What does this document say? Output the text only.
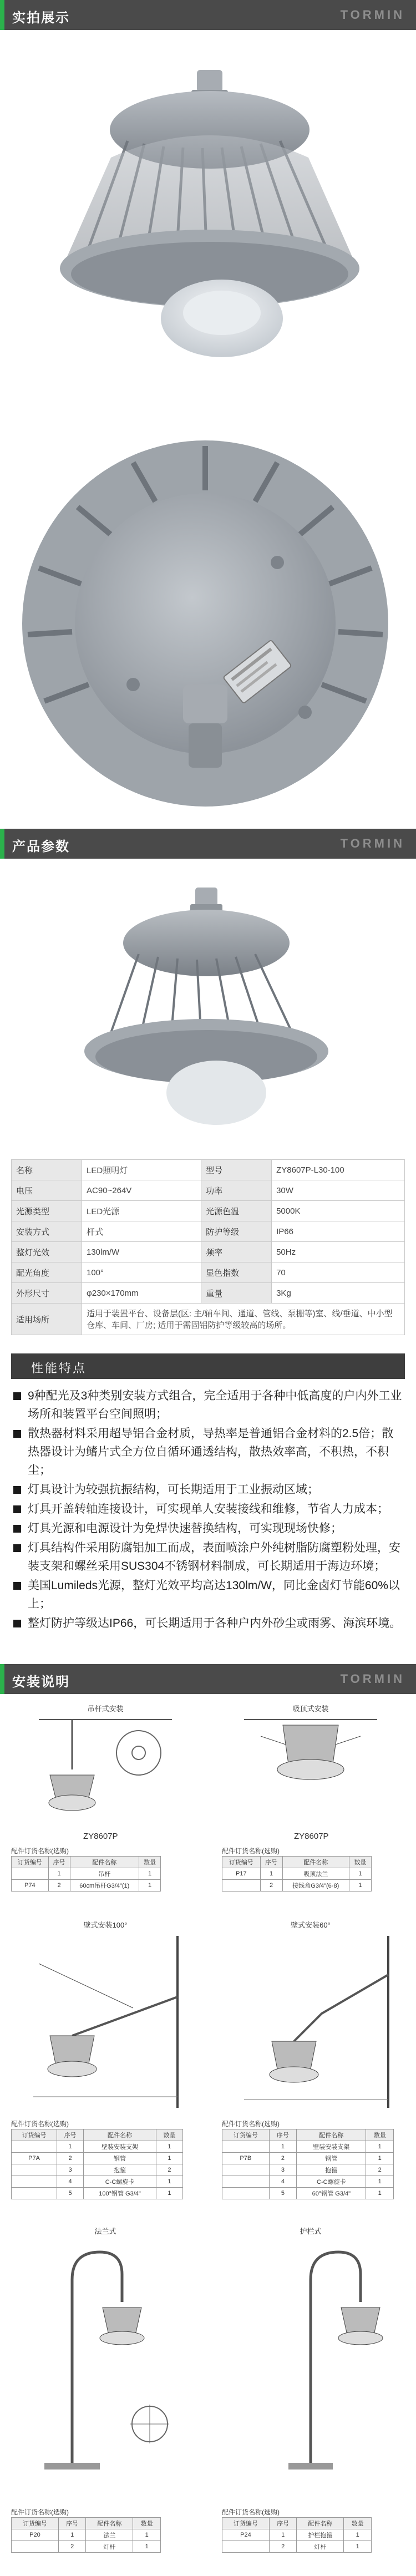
实拍展示	TORMIN
产品参数	TORMIN
名称	LED照明灯	型号	ZY8607P-L30-100
电压	AC90~264V	功率	30W
光源类型	LED光源	光源色温	5000K
安装方式	杆式	防护等级	IP66
整灯光效	130lm/W	频率	50Hz
配光角度	100°	显色指数	70
外形尺寸	φ230×170mm	重量	3Kg
适用场所	适用于装置平台、设备层(区: 主/辅车间、通道、管线、泵棚等)室、线/垂道、中小型仓库、车间、厂房; 适用于需固铝防护等级较高的场所。		
性能特点
9种配光及3种类别安装方式组合，完全适用于各种中低高度的户内外工业场所和装置平台空间照明；
散热器材料采用超导铝合金材质，导热率是普通铝合金材料的2.5倍；散热器设计为鳍片式全方位自循环通透结构，散热效率高，不积热，不积尘；
灯具设计为较强抗振结构，可长期适用于工业振动区域；
灯具开盖转轴连接设计，可实现单人安装接线和维修，节省人力成本；
灯具光源和电源设计为免焊快速替换结构，可实现现场快修；
灯具结构件采用防腐铝加工而成，表面喷涂户外纯树脂防腐塑粉处理，安装支架和螺丝采用SUS304不锈钢材料制成，可长期适用于海边环境；
美国Lumileds光源，整灯光效平均高达130lm/W，同比金卤灯节能60%以上；
整灯防护等级达IP66，可长期适用于各种户内外砂尘或雨雾、海滨环境。
安装说明	TORMIN
吊杆式安装
ZY8607P
吸顶式安装
ZY8607P
配件订货名称(选购)
订货编号	序号	配件名称	数量
	1	吊杆	1
P74	2	60cm吊杆G3/4"(1)	1
配件订货名称(选购)
订货编号	序号	配件名称	数量
P17	1	吸顶法兰	1
	2	接线盒G3/4"(6-8)	1
壁式安装100°	壁式安装60°
配件订货名称(选购)
订货编号	序号	配件名称	数量
	1	壁装安装支架	1
P7A	2	钢管	1
	3	抱箍	2
	4	C-C螺旋卡	1
	5	100°钢管 G3/4"	1
配件订货名称(选购)
订货编号	序号	配件名称	数量
	1	壁装安装支架	1
P7B	2	钢管	1
	3	抱箍	2
	4	C-C螺旋卡	1
	5	60°钢管 G3/4"	1
法兰式	护栏式
配件订货名称(选购)
订货编号	序号	配件名称	数量
P20	1	法兰	1
	2	灯杆	1
配件订货名称(选购)
订货编号	序号	配件名称	数量
P24	1	护栏抱箍	1
	2	灯杆	1
